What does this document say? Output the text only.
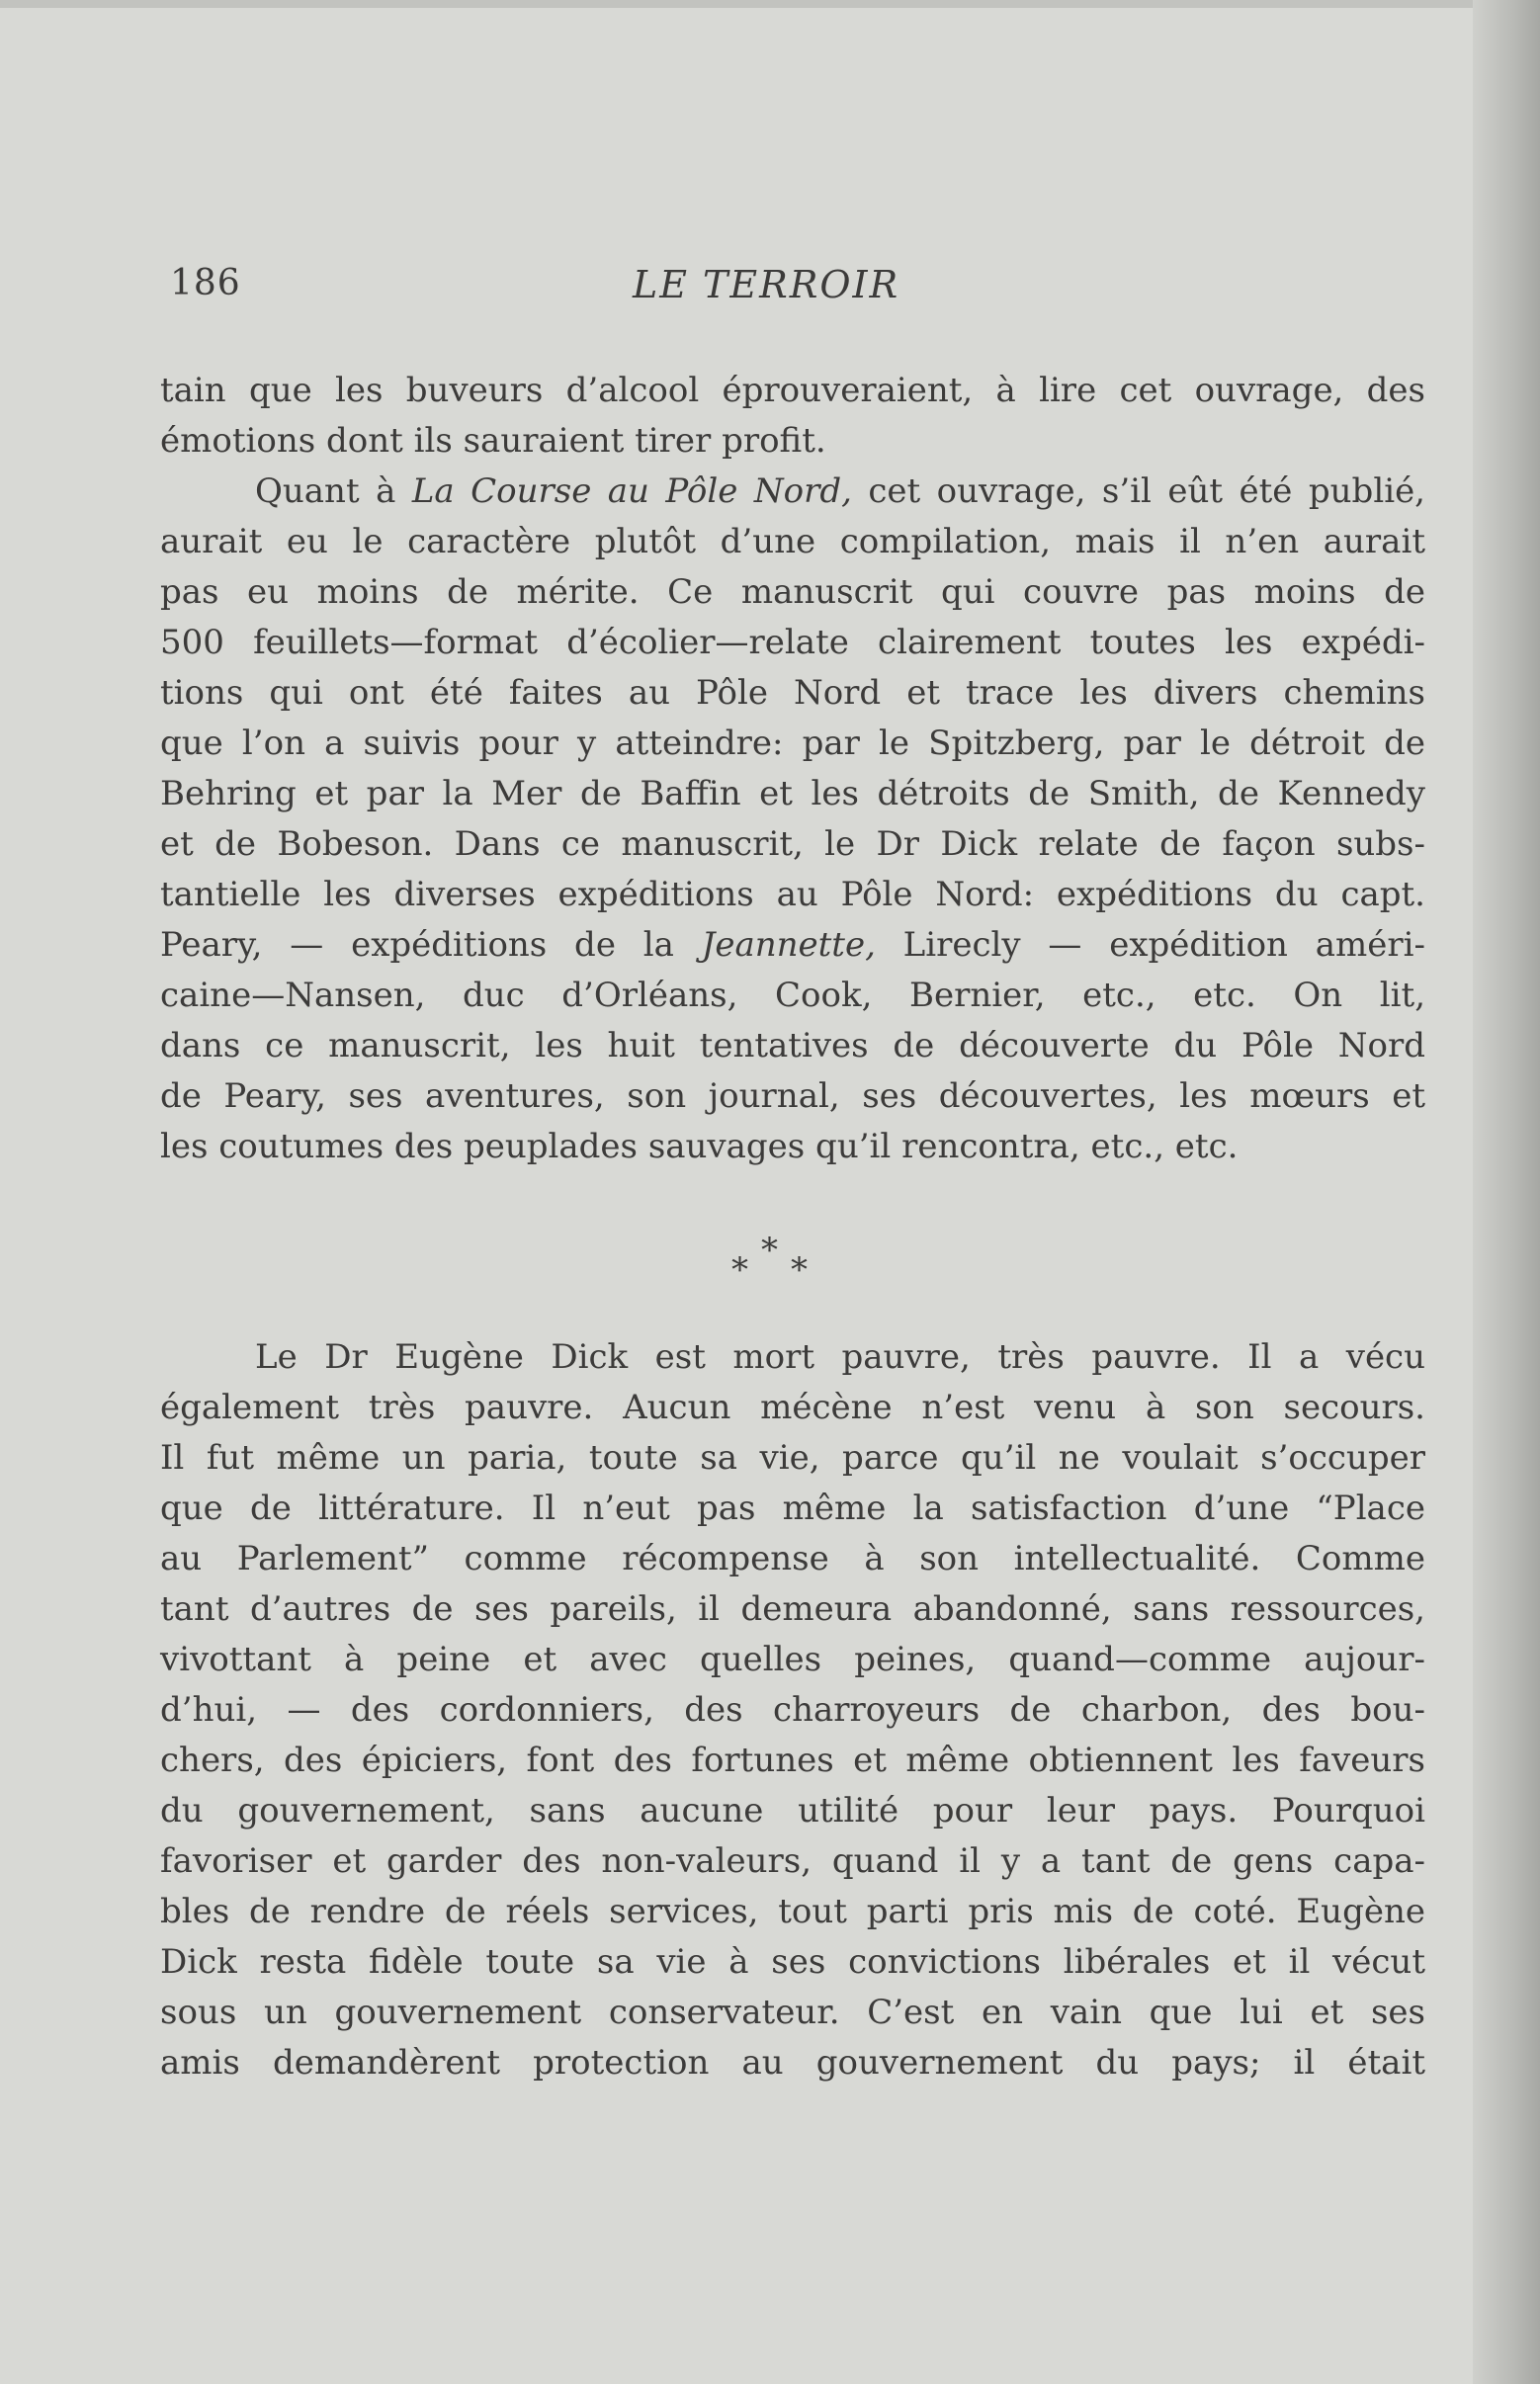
186	LE TERROIR
tain que les buveurs d’alcool éprouveraient, à lire cet ouvrage, des
émotions dont ils sauraient tirer profit.
Quant à La Course au Pôle Nord, cet ouvrage, s’il eût été publié,
aurait eu le caractère plutôt d’une compilation, mais il n’en aurait
pas eu moins de mérite. Ce manuscrit qui couvre pas moins de
500 feuillets—format d’écolier—relate clairement toutes les expédi-
tions qui ont été faites au Pôle Nord et trace les divers chemins
que l’on a suivis pour y atteindre: par le Spitzberg, par le détroit de
Behring et par la Mer de Baffin et les détroits de Smith, de Kennedy
et de Bobeson. Dans ce manuscrit, le Dr Dick relate de façon subs-
tantielle les diverses expéditions au Pôle Nord: expéditions du capt.
Peary, — expéditions de la Jeannette, Lirecly — expédition améri-
caine—Nansen, duc d’Orléans, Cook, Bernier, etc., etc. On lit,
dans ce manuscrit, les huit tentatives de découverte du Pôle Nord
de Peary, ses aventures, son journal, ses découvertes, les mœurs et
les coutumes des peuplades sauvages qu’il rencontra, etc., etc.
* * *
Le Dr Eugène Dick est mort pauvre, très pauvre. Il a vécu
également très pauvre. Aucun mécène n’est venu à son secours.
Il fut même un paria, toute sa vie, parce qu’il ne voulait s’occuper
que de littérature. Il n’eut pas même la satisfaction d’une “Place
au Parlement” comme récompense à son intellectualité. Comme
tant d’autres de ses pareils, il demeura abandonné, sans ressources,
vivottant à peine et avec quelles peines, quand—comme aujour-
d’hui, — des cordonniers, des charroyeurs de charbon, des bou-
chers, des épiciers, font des fortunes et même obtiennent les faveurs
du gouvernement, sans aucune utilité pour leur pays. Pourquoi
favoriser et garder des non-valeurs, quand il y a tant de gens capa-
bles de rendre de réels services, tout parti pris mis de coté. Eugène
Dick resta fidèle toute sa vie à ses convictions libérales et il vécut
sous un gouvernement conservateur. C’est en vain que lui et ses
amis demandèrent protection au gouvernement du pays; il était
